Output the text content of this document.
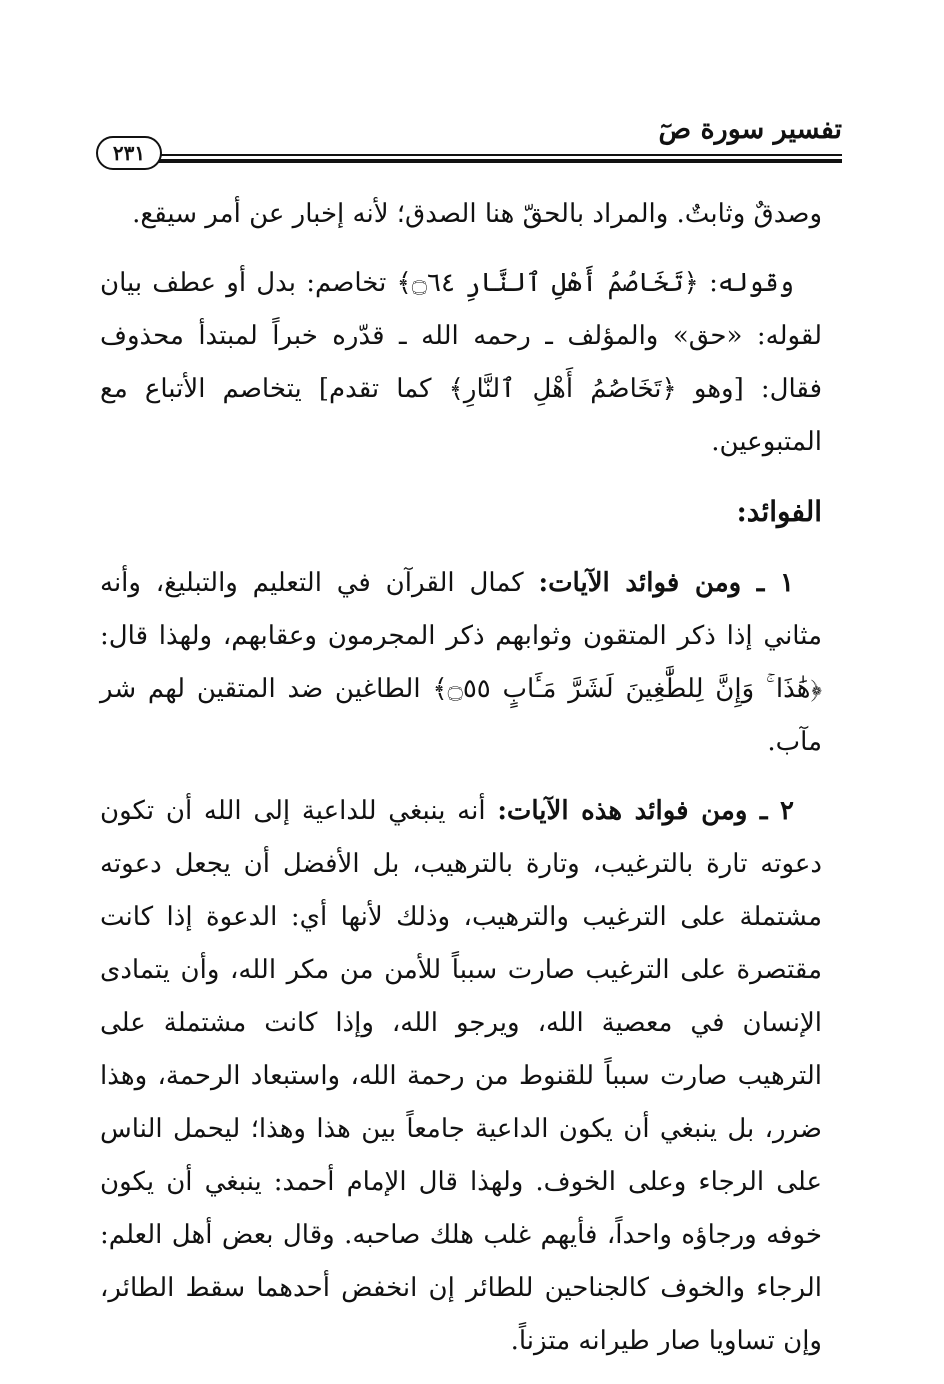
تفسير سورة صٓ
٢٣١

وصدقٌ وثابتٌ. والمراد بالحقّ هنا الصدق؛ لأنه إخبار عن أمر سيقع.

وقوله: ﴿تَخَاصُمُ أَهْلِ ٱلنَّارِ ۝٦٤﴾ تخاصم: بدل أو عطف بيان لقوله: «حق» والمؤلف ـ رحمه الله ـ قدّره خبراً لمبتدأ محذوف فقال: [وهو ﴿تَخَاصُمُ أَهْلِ ٱلنَّارِ﴾ كما تقدم] يتخاصم الأتباع مع المتبوعين.

الفوائد:

١ ـ ومن فوائد الآيات: كمال القرآن في التعليم والتبليغ، وأنه مثاني إذا ذكر المتقون وثوابهم ذكر المجرمون وعقابهم، ولهذا قال: ﴿هَٰذَا ۚ وَإِنَّ لِلطَّٰغِينَ لَشَرَّ مَـَٔابٍ ۝٥٥﴾ الطاغين ضد المتقين لهم شر مآب.

٢ ـ ومن فوائد هذه الآيات: أنه ينبغي للداعية إلى الله أن تكون دعوته تارة بالترغيب، وتارة بالترهيب، بل الأفضل أن يجعل دعوته مشتملة على الترغيب والترهيب، وذلك لأنها أي: الدعوة إذا كانت مقتصرة على الترغيب صارت سبباً للأمن من مكر الله، وأن يتمادى الإنسان في معصية الله، ويرجو الله، وإذا كانت مشتملة على الترهيب صارت سبباً للقنوط من رحمة الله، واستبعاد الرحمة، وهذا ضرر، بل ينبغي أن يكون الداعية جامعاً بين هذا وهذا؛ ليحمل الناس على الرجاء وعلى الخوف. ولهذا قال الإمام أحمد: ينبغي أن يكون خوفه ورجاؤه واحداً، فأيهم غلب هلك صاحبه. وقال بعض أهل العلم: الرجاء والخوف كالجناحين للطائر إن انخفض أحدهما سقط الطائر، وإن تساويا صار طيرانه متزناً.
